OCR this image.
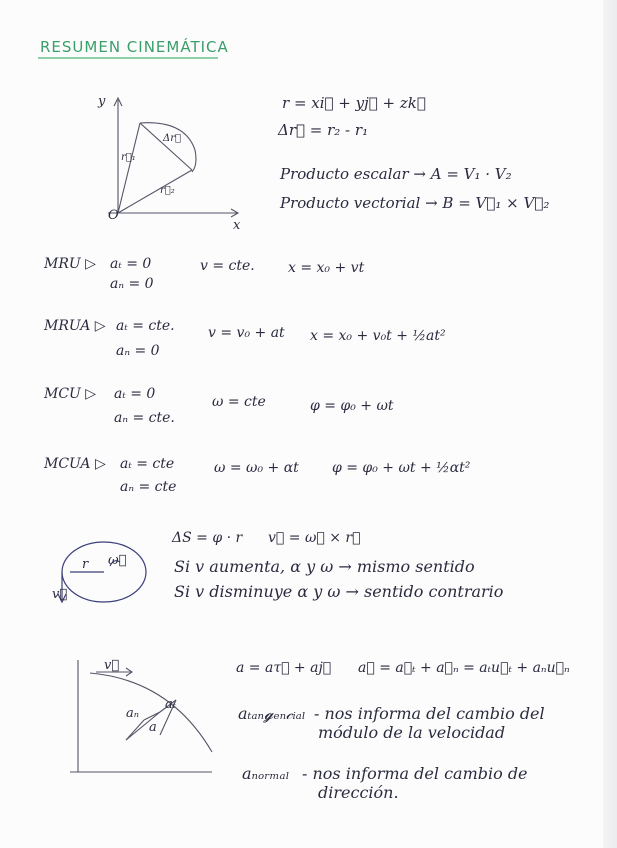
RESUMEN CINEMÁTICA
y
x
O
r⃗₁
r⃗₂
Δr⃗
r = xi⃗ + yj⃗ + zk⃗
Δr⃗ = r₂ - r₁
Producto escalar → A = V₁ · V₂
Producto vectorial → B = V⃗₁ × V⃗₂
MRU ▷ aₜ = 0
aₙ = 0
v = cte. x = x₀ + vt
MRUA ▷ aₜ = cte.
aₙ = 0
v = v₀ + at x = x₀ + v₀t + ½at²
MCU ▷ aₜ = 0
aₙ = cte.
ω = cte	φ = φ₀ + ωt
MCUA ▷ aₜ = cte
aₙ = cte
ω = ω₀ + αt φ = φ₀ + ωt + ½αt²
r ω⃗
v⃗
ΔS = φ · r v⃗ = ω⃗ × r⃗
Si v aumenta, α y ω → mismo sentido
Si v disminuye α y ω → sentido contrario
v⃗
aₜ
aₙ
a
a = aτ⃗ + aj⃗ a⃗ = a⃗ₜ + a⃗ₙ = aₜu⃗ₜ + aₙu⃗ₙ
aₜₐₙ𝓰ₑₙ𝒸ᵢₐₗ - nos informa del cambio del
módulo de la velocidad
aₙₒᵣₘₐₗ - nos informa del cambio de
dirección.
